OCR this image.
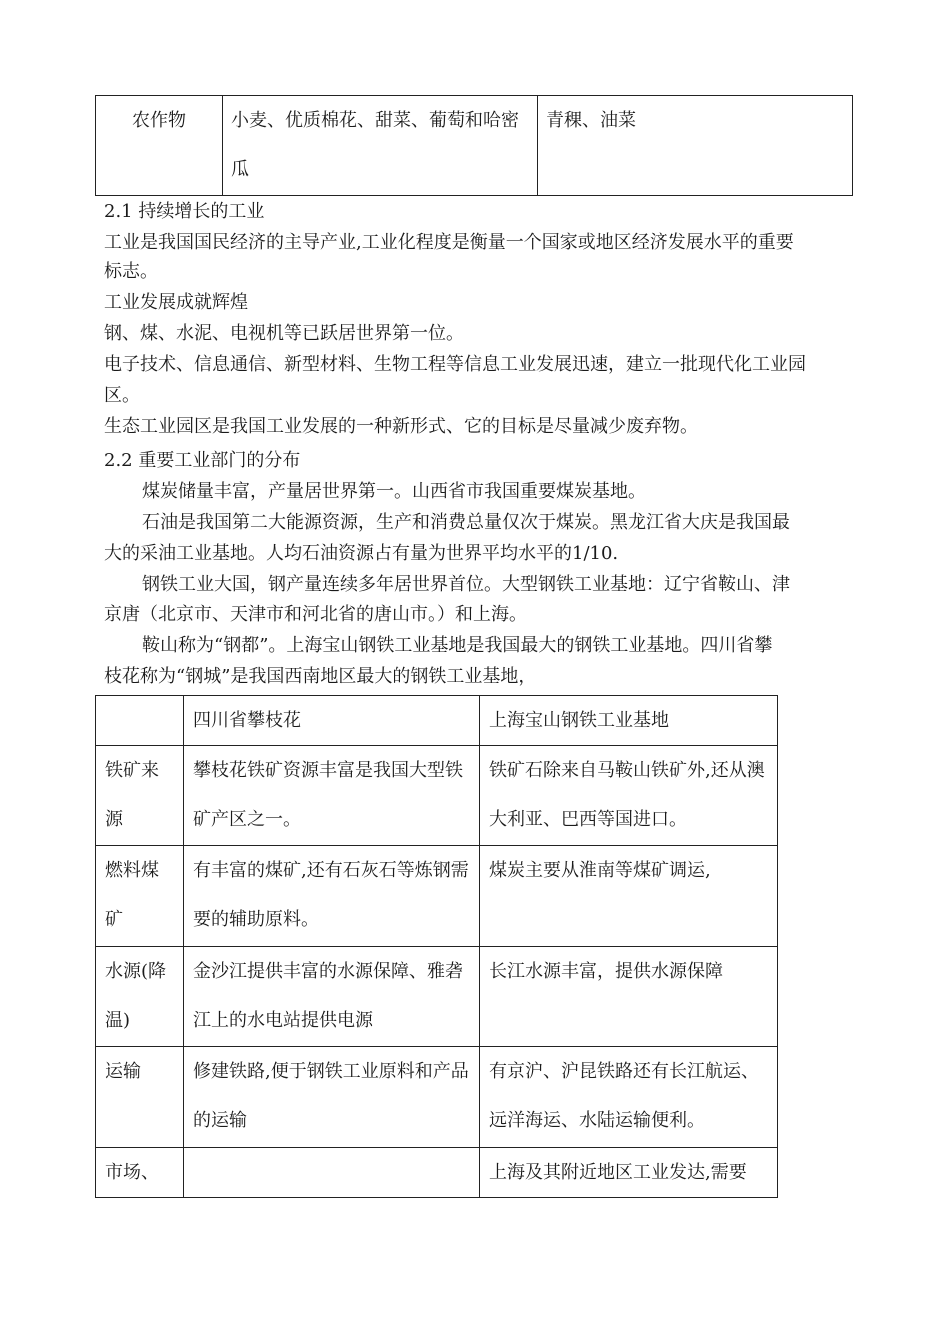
农作物	小麦、优质棉花、甜菜、葡萄和哈密瓜	青稞、油菜
2.1 持续增长的工业
工业是我国国民经济的主导产业,工业化程度是衡量一个国家或地区经济发展水平的重要
标志。
工业发展成就辉煌
钢、煤、水泥、电视机等已跃居世界第一位。
电子技术、信息通信、新型材料、生物工程等信息工业发展迅速，建立一批现代化工业园
区。
生态工业园区是我国工业发展的一种新形式、它的目标是尽量减少废弃物。
2.2 重要工业部门的分布
煤炭储量丰富，产量居世界第一。山西省市我国重要煤炭基地。
石油是我国第二大能源资源，生产和消费总量仅次于煤炭。黑龙江省大庆是我国最
大的采油工业基地。人均石油资源占有量为世界平均水平的1/10.
钢铁工业大国，钢产量连续多年居世界首位。大型钢铁工业基地：辽宁省鞍山、津
京唐（北京市、天津市和河北省的唐山市。）和上海。
鞍山称为“钢都”。上海宝山钢铁工业基地是我国最大的钢铁工业基地。四川省攀
枝花称为“钢城”是我国西南地区最大的钢铁工业基地，
	四川省攀枝花	上海宝山钢铁工业基地
铁矿来源	攀枝花铁矿资源丰富是我国大型铁矿产区之一。	铁矿石除来自马鞍山铁矿外,还从澳大利亚、巴西等国进口。
燃料煤矿	有丰富的煤矿,还有石灰石等炼钢需要的辅助原料。	煤炭主要从淮南等煤矿调运,
水源(降温)	金沙江提供丰富的水源保障、雅砻江上的水电站提供电源	长江水源丰富，提供水源保障
运输	修建铁路,便于钢铁工业原料和产品的运输	有京沪、沪昆铁路还有长江航运、远洋海运、水陆运输便利。
市场、		上海及其附近地区工业发达,需要
